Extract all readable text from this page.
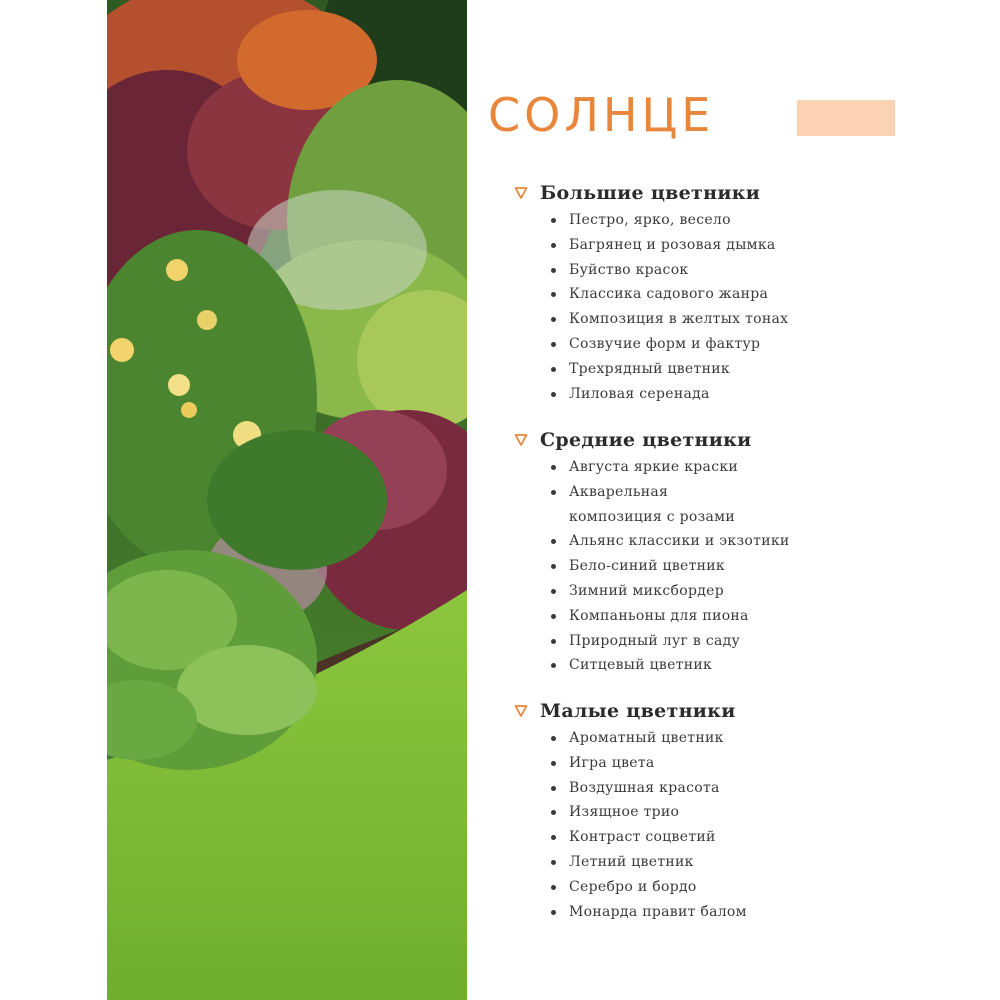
СОЛНЦЕ
Большие цветники
Пестро, ярко, весело
Багрянец и розовая дымка
Буйство красок
Классика садового жанра
Композиция в желтых тонах
Созвучие форм и фактур
Трехрядный цветник
Лиловая серенада
Средние цветники
Августа яркие краски
Акварельная композиция с розами
Альянс классики и экзотики
Бело-синий цветник
Зимний миксбордер
Компаньоны для пиона
Природный луг в саду
Ситцевый цветник
Малые цветники
Ароматный цветник
Игра цвета
Воздушная красота
Изящное трио
Контраст соцветий
Летний цветник
Серебро и бордо
Монарда правит балом
